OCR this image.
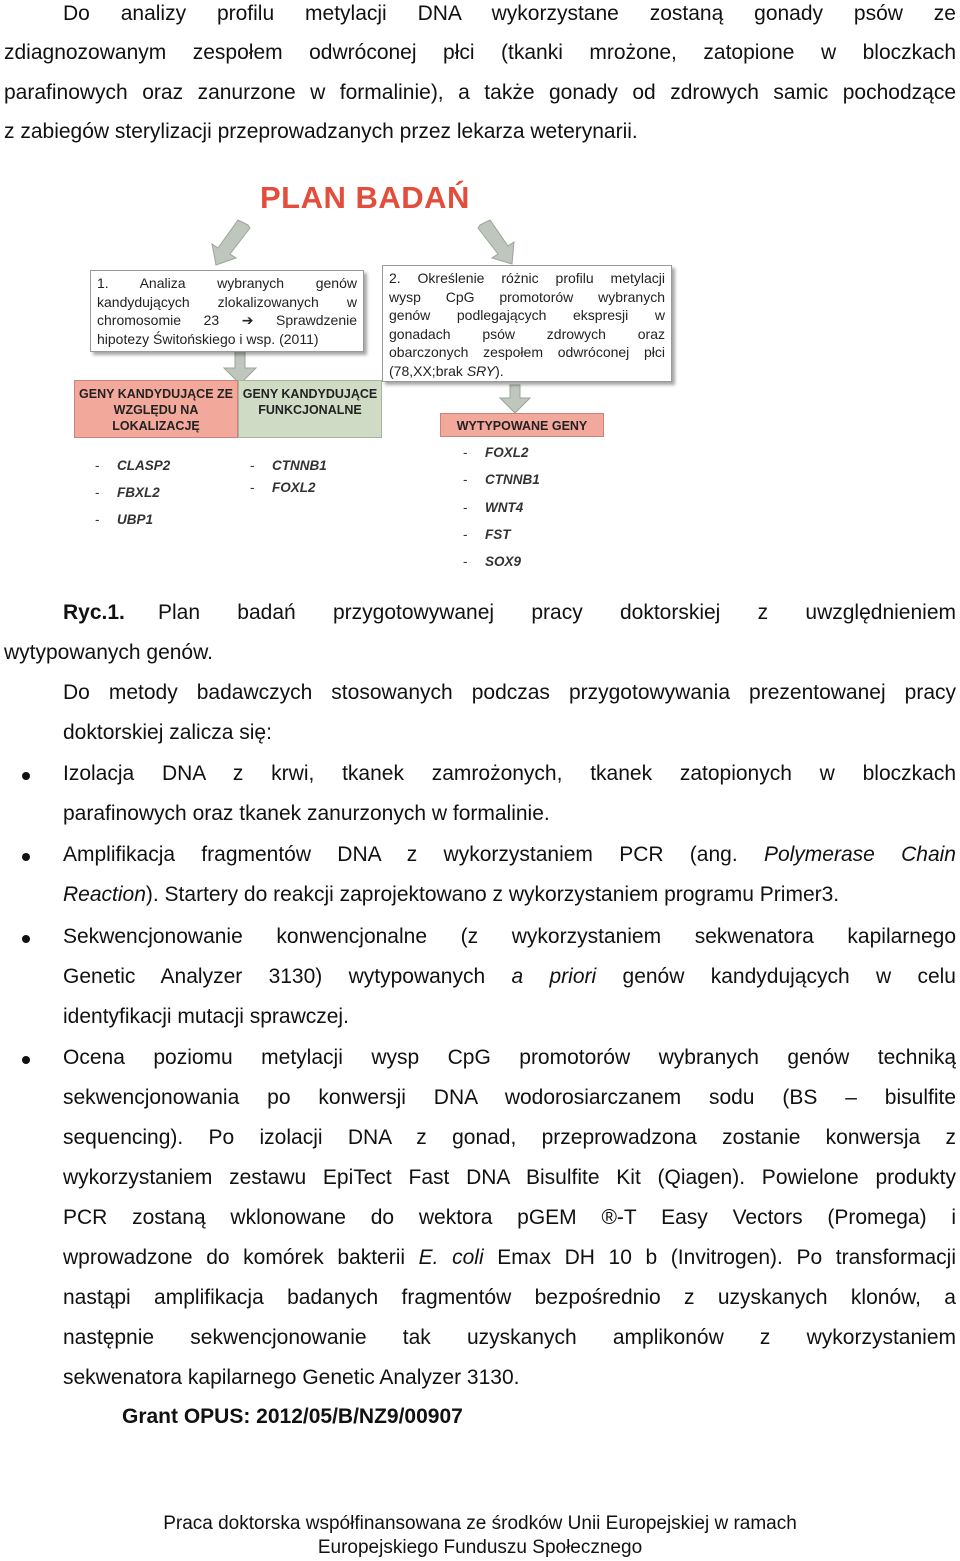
Do analizy profilu metylacji DNA wykorzystane zostaną gonady psów ze
zdiagnozowanym zespołem odwróconej płci (tkanki mrożone, zatopione w bloczkach
parafinowych oraz zanurzone w formalinie), a także gonady od zdrowych samic pochodzące
z zabiegów sterylizacji przeprowadzanych przez lekarza weterynarii.
PLAN BADAŃ
1. Analiza wybranych genów
kandydujących zlokalizowanych w
chromosomie 23 ➔ Sprawdzenie
hipotezy Świtońskiego i wsp. (2011)
2. Określenie różnic profilu metylacji
wysp CpG promotorów wybranych
genów podlegających ekspresji w
gonadach psów zdrowych oraz
obarczonych zespołem odwróconej płci
(78,XX;brak SRY).
GENY KANDYDUJĄCE ZE WZGLĘDU NA LOKALIZACJĘ
GENY KANDYDUJĄCE FUNKCJONALNE
WYTYPOWANE GENY
- CLASP2
- FBXL2
- UBP1
- CTNNB1
- FOXL2
- FOXL2
- CTNNB1
- WNT4
- FST
- SOX9
Ryc.1. Plan badań przygotowywanej pracy doktorskiej z uwzględnieniem
wytypowanych genów.
Do metody badawczych stosowanych podczas przygotowywania prezentowanej pracy
doktorskiej zalicza się:
Izolacja DNA z krwi, tkanek zamrożonych, tkanek zatopionych w bloczkach
parafinowych oraz tkanek zanurzonych w formalinie.
Amplifikacja fragmentów DNA z wykorzystaniem PCR (ang. Polymerase Chain
Reaction). Startery do reakcji zaprojektowano z wykorzystaniem programu Primer3.
Sekwencjonowanie konwencjonalne (z wykorzystaniem sekwenatora kapilarnego
Genetic Analyzer 3130) wytypowanych a priori genów kandydujących w celu
identyfikacji mutacji sprawczej.
Ocena poziomu metylacji wysp CpG promotorów wybranych genów techniką
sekwencjonowania po konwersji DNA wodorosiarczanem sodu (BS – bisulfite
sequencing). Po izolacji DNA z gonad, przeprowadzona zostanie konwersja z
wykorzystaniem zestawu EpiTect Fast DNA Bisulfite Kit (Qiagen). Powielone produkty
PCR zostaną wklonowane do wektora pGEM ®-T Easy Vectors (Promega) i
wprowadzone do komórek bakterii E. coli Emax DH 10 b (Invitrogen). Po transformacji
nastąpi amplifikacja badanych fragmentów bezpośrednio z uzyskanych klonów, a
następnie sekwencjonowanie tak uzyskanych amplikonów z wykorzystaniem
sekwenatora kapilarnego Genetic Analyzer 3130.
Grant OPUS: 2012/05/B/NZ9/00907
Praca doktorska współfinansowana ze środków Unii Europejskiej w ramach
Europejskiego Funduszu Społecznego
